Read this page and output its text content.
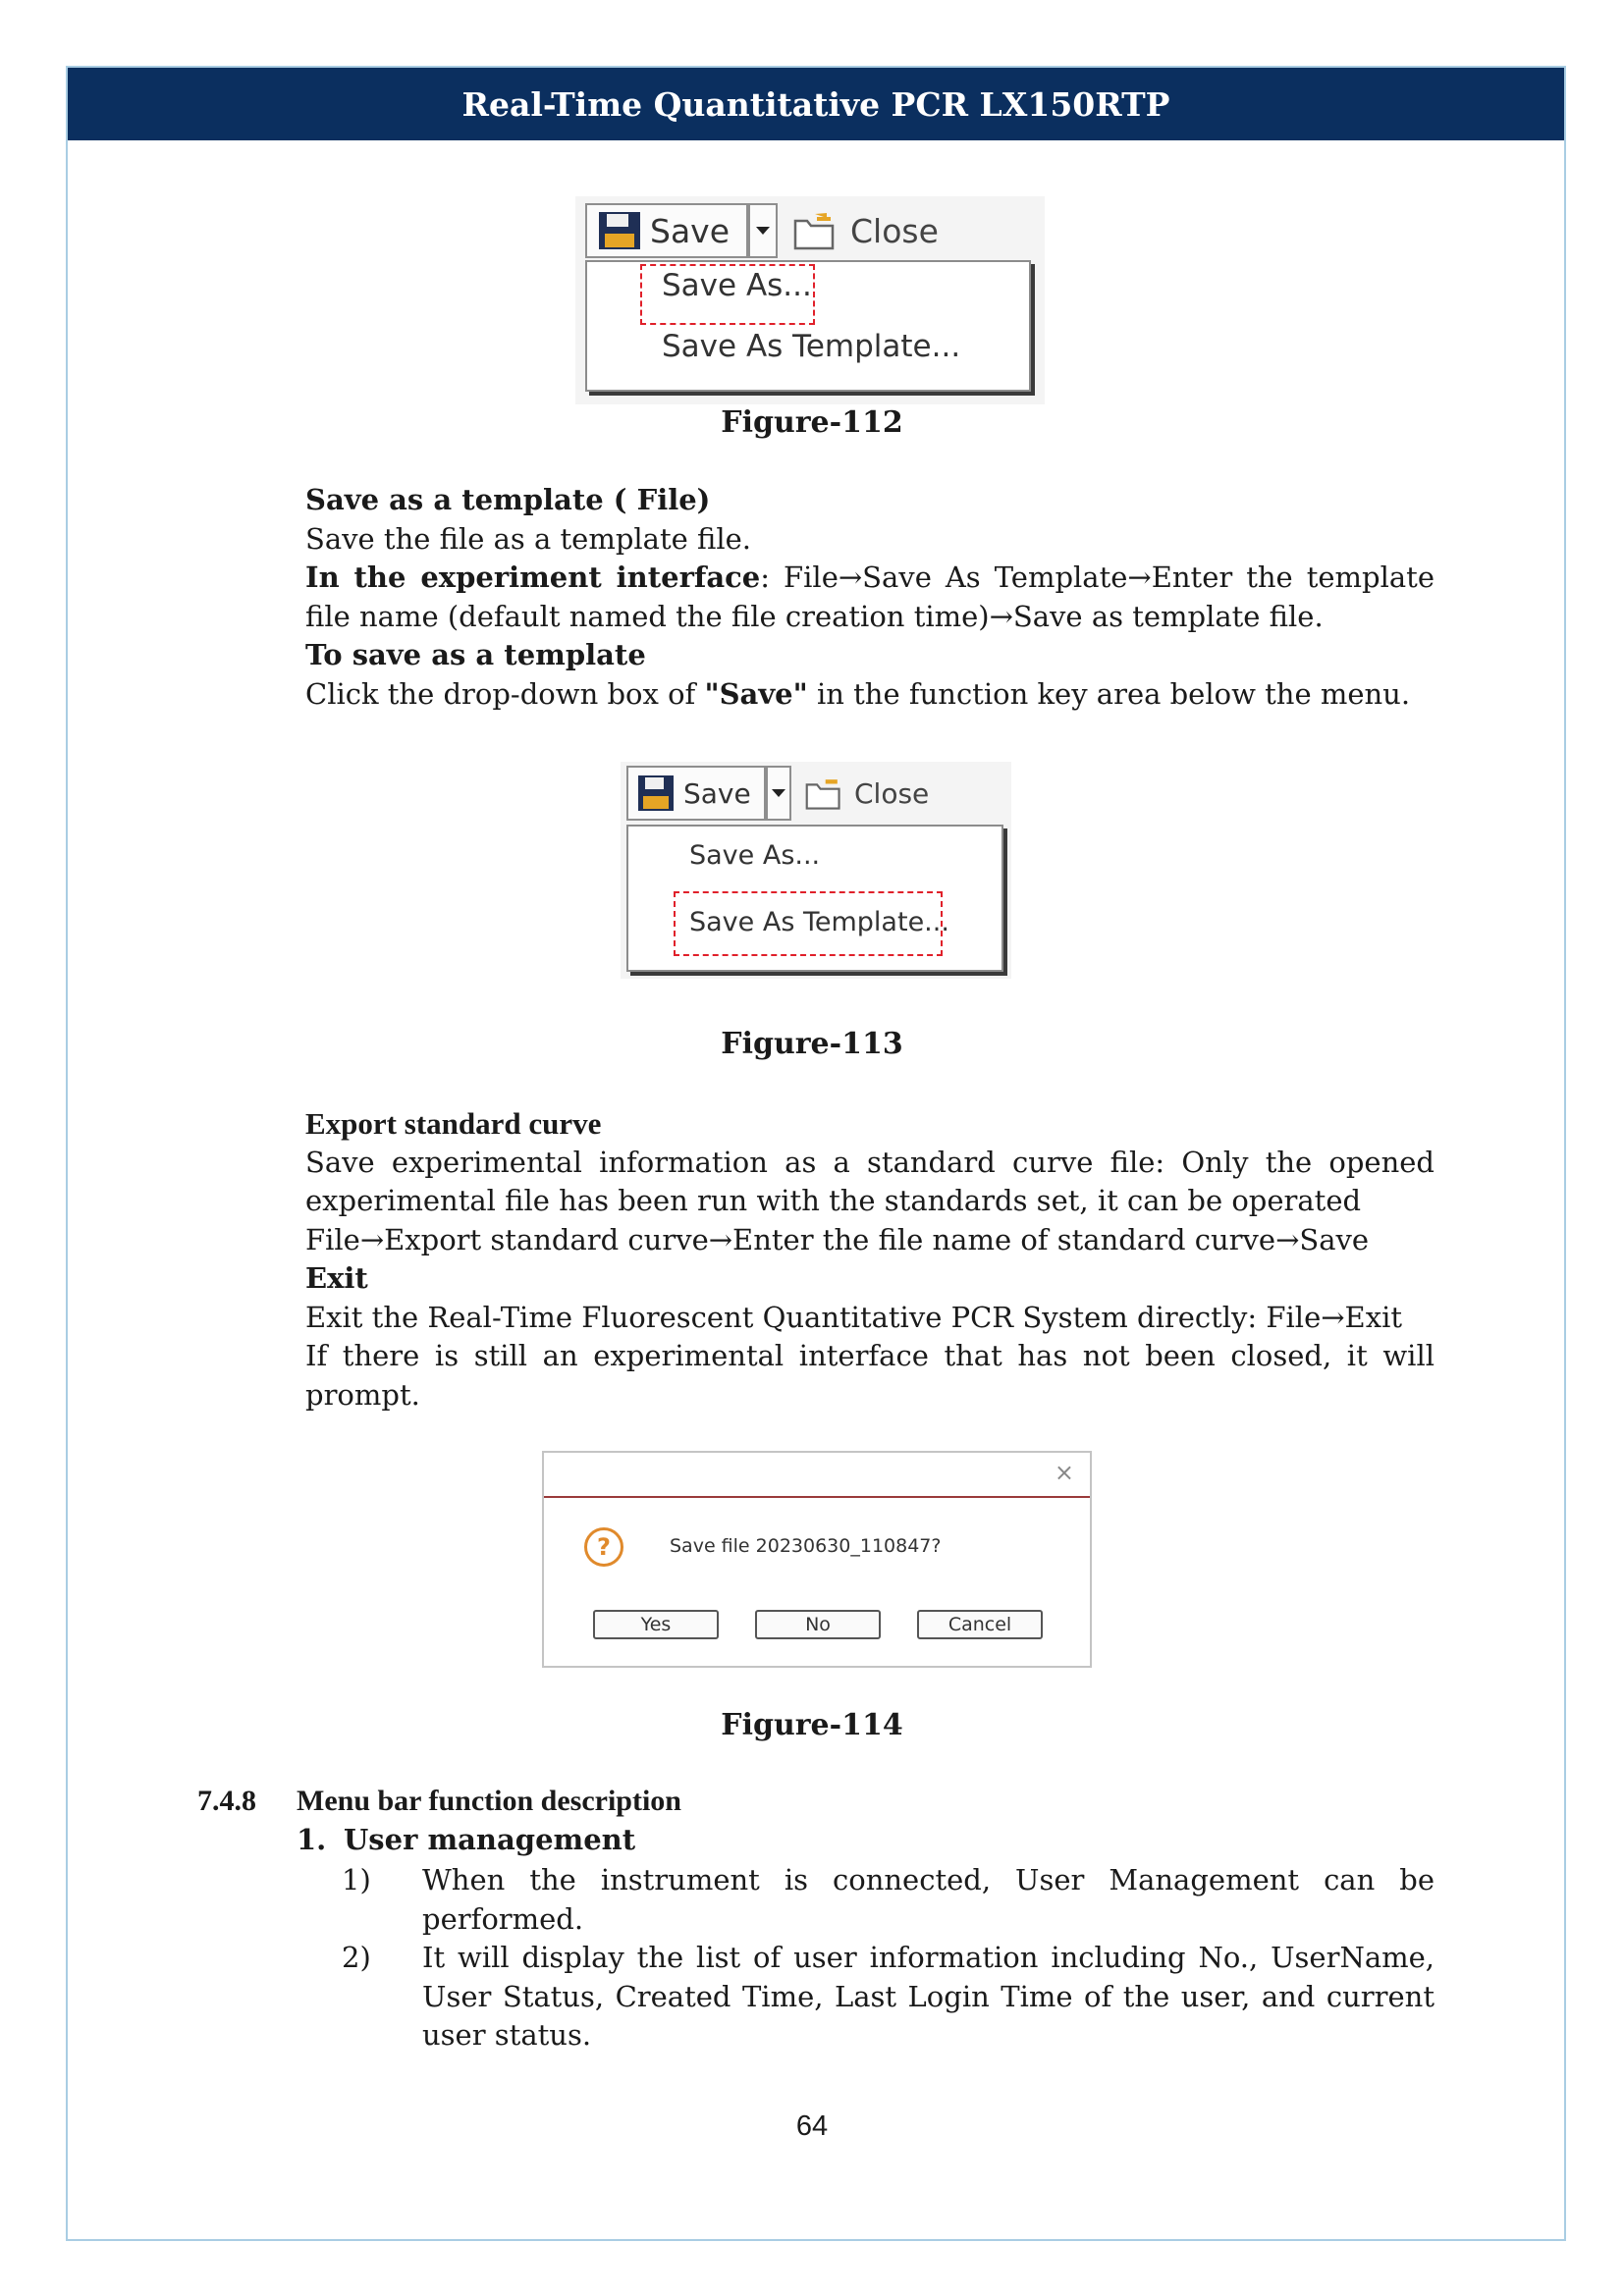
Real-Time Quantitative PCR LX150RTP
Save	Close
Save As...
Save As Template...
Figure-112

Save as a template ( File)

Save the file as a template file.

In the experiment interface: File→Save As Template→Enter the template file name (default named the file creation time)→Save as template file.

To save as a template

Click the drop-down box of "Save" in the function key area below the menu.

Save	Close
Save As...
Save As Template...
Figure-113

Export standard curve

Save experimental information as a standard curve file: Only the opened experimental file has been run with the standards set, it can be operated

File→Export standard curve→Enter the file name of standard curve→Save

Exit

Exit the Real-Time Fluorescent Quantitative PCR System directly: File→Exit

If there is still an experimental interface that has not been closed, it will prompt.

×
?	Save file 20230630_110847?
Yes	No	Cancel
Figure-114
7.4.8 Menu bar function description
1. User management
1) When the instrument is connected, User Management can be performed.

2) It will display the list of user information including No., UserName, User Status, Created Time, Last Login Time of the user, and current user status.

64
